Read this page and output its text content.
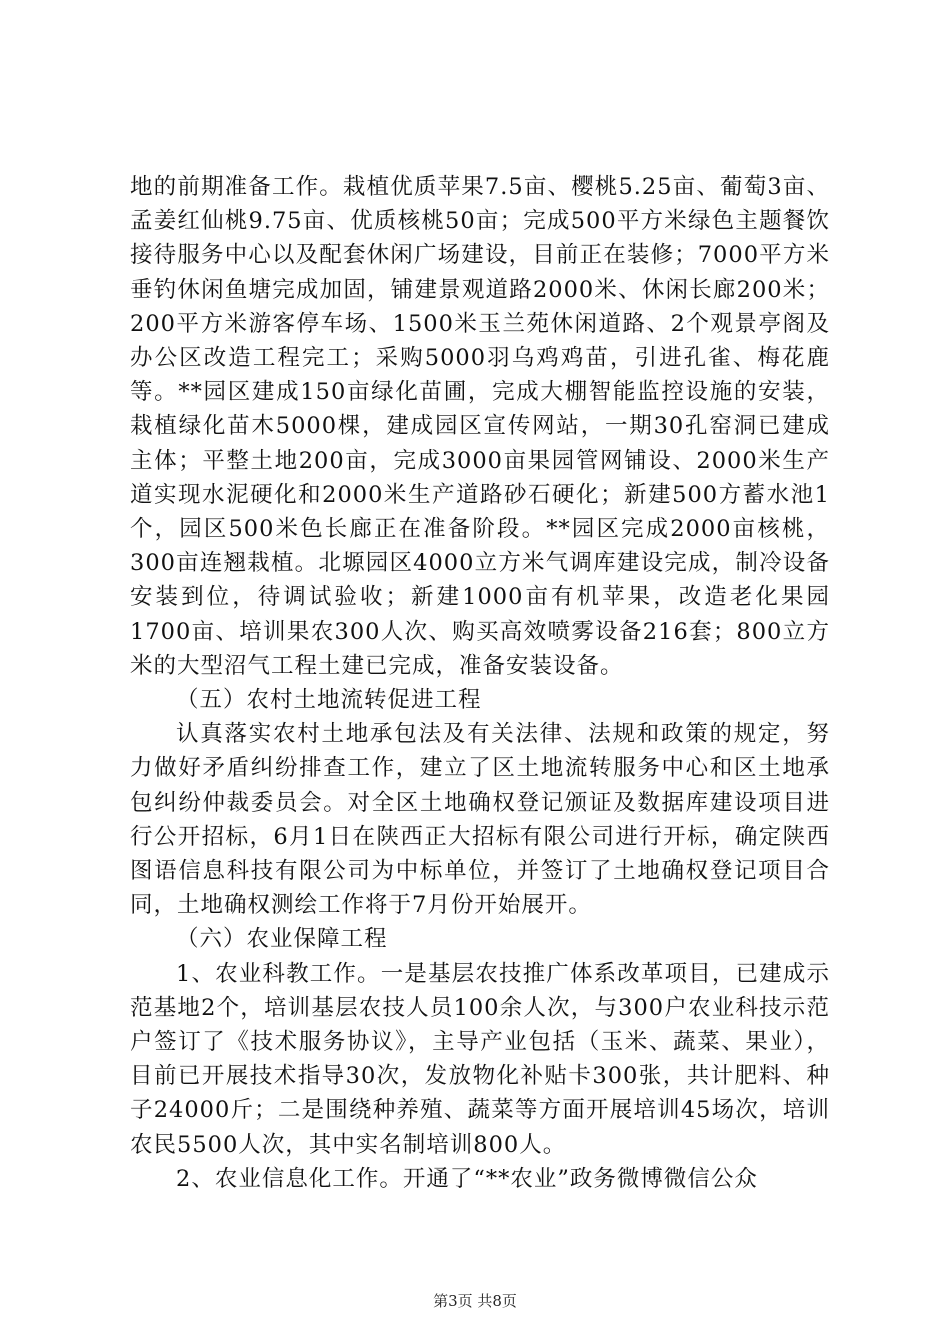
地的前期准备工作。栽植优质苹果7.5亩、樱桃5.25亩、葡萄3亩、孟姜红仙桃9.75亩、优质核桃50亩；完成500平方米绿色主题餐饮接待服务中心以及配套休闲广场建设，目前正在装修；7000平方米垂钓休闲鱼塘完成加固，铺建景观道路2000米、休闲长廊200米；200平方米游客停车场、1500米玉兰苑休闲道路、2个观景亭阁及办公区改造工程完工；采购5000羽乌鸡鸡苗，引进孔雀、梅花鹿等。**园区建成150亩绿化苗圃，完成大棚智能监控设施的安装，栽植绿化苗木5000棵，建成园区宣传网站，一期30孔窑洞已建成主体；平整土地200亩，完成3000亩果园管网铺设、2000米生产道实现水泥硬化和2000米生产道路砂石硬化；新建500方蓄水池1个，园区500米色长廊正在准备阶段。**园区完成2000亩核桃，300亩连翘栽植。北塬园区4000立方米气调库建设完成，制冷设备安装到位，待调试验收；新建1000亩有机苹果，改造老化果园1700亩、培训果农300人次、购买高效喷雾设备216套；800立方米的大型沼气工程土建已完成，准备安装设备。

（五）农村土地流转促进工程

认真落实农村土地承包法及有关法律、法规和政策的规定，努力做好矛盾纠纷排查工作，建立了区土地流转服务中心和区土地承包纠纷仲裁委员会。对全区土地确权登记颁证及数据库建设项目进行公开招标，6月1日在陕西正大招标有限公司进行开标，确定陕西图语信息科技有限公司为中标单位，并签订了土地确权登记项目合同，土地确权测绘工作将于7月份开始展开。

（六）农业保障工程

1、农业科教工作。一是基层农技推广体系改革项目，已建成示范基地2个，培训基层农技人员100余人次，与300户农业科技示范户签订了《技术服务协议》，主导产业包括（玉米、蔬菜、果业），目前已开展技术指导30次，发放物化补贴卡300张，共计肥料、种子24000斤；二是围绕种养殖、蔬菜等方面开展培训45场次，培训农民5500人次，其中实名制培训800人。

2、农业信息化工作。开通了“**农业”政务微博微信公众

第3页 共8页
